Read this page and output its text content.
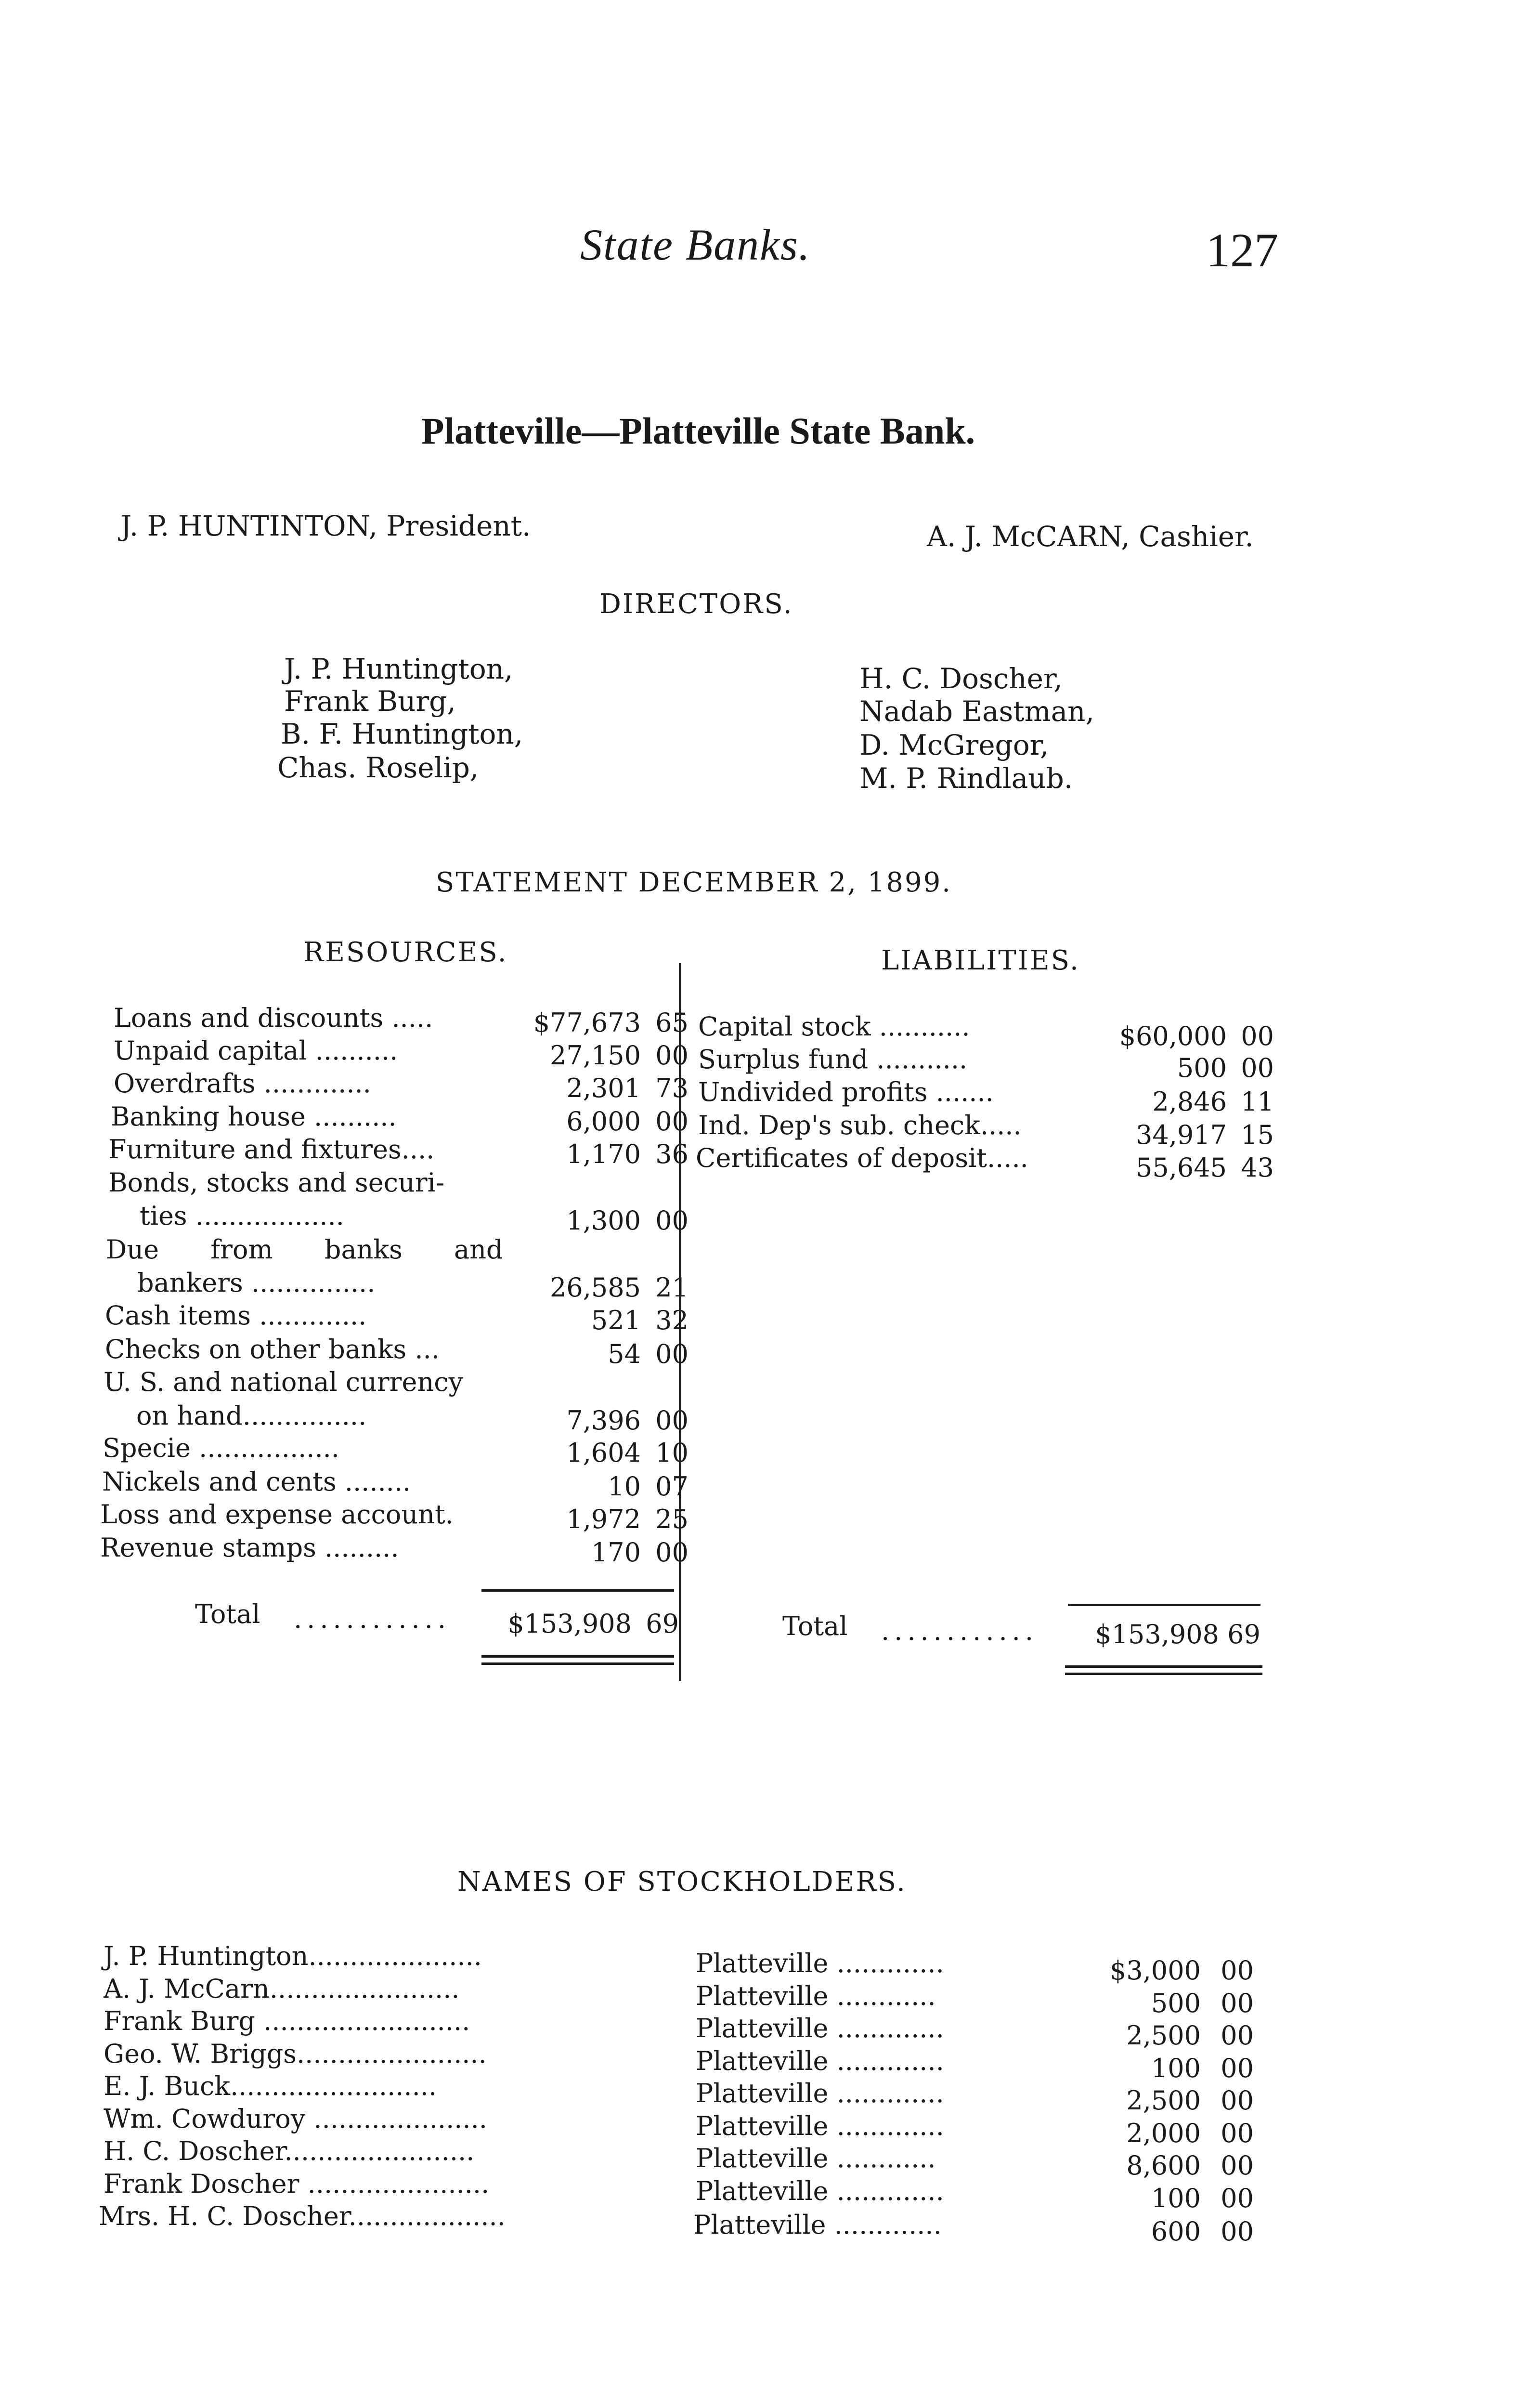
State Banks.	127
Platteville—Platteville State Bank.
J. P. HUNTINTON, President.	A. J. McCARN, Cashier.
DIRECTORS.
J. P. Huntington,
Frank Burg,
B. F. Huntington,
Chas. Roselip,
H. C. Doscher,
Nadab Eastman,
D. McGregor,
M. P. Rindlaub.
STATEMENT DECEMBER 2, 1899.
RESOURCES.	LIABILITIES.
Loans and discounts .....	$77,673 65
Unpaid capital ..........	27,150 00
Overdrafts .............	2,301 73
Banking house ..........	6,000 00
Furniture and fixtures....	1,170 36
Bonds, stocks and securi-
ties ..................	1,300 00
Due from banks and
bankers ...............	26,585 21
Cash items .............	521 32
Checks on other banks ...	54 00
U. S. and national currency
on hand...............	7,396 00
Specie .................	1,604 10
Nickels and cents ........	10 07
Loss and expense account.	1,972 25
Revenue stamps .........	170 00
Total ............ $153,908 69
Capital stock ...........	$60,000 00
Surplus fund ...........	500 00
Undivided profits .......	2,846 11
Ind. Dep's sub. check.....	34,917 15
Certificates of deposit.....	55,645 43
Total ............ $153,908 69
NAMES OF STOCKHOLDERS.
J. P. Huntington.....................	Platteville .............	$3,000 00
A. J. McCarn.......................	Platteville ............	500 00
Frank Burg .........................	Platteville .............	2,500 00
Geo. W. Briggs.......................	Platteville .............	100 00
E. J. Buck.........................	Platteville .............	2,500 00
Wm. Cowduroy .....................	Platteville .............	2,000 00
H. C. Doscher.......................	Platteville ............	8,600 00
Frank Doscher ......................	Platteville .............	100 00
Mrs. H. C. Doscher...................	Platteville .............	600 00
